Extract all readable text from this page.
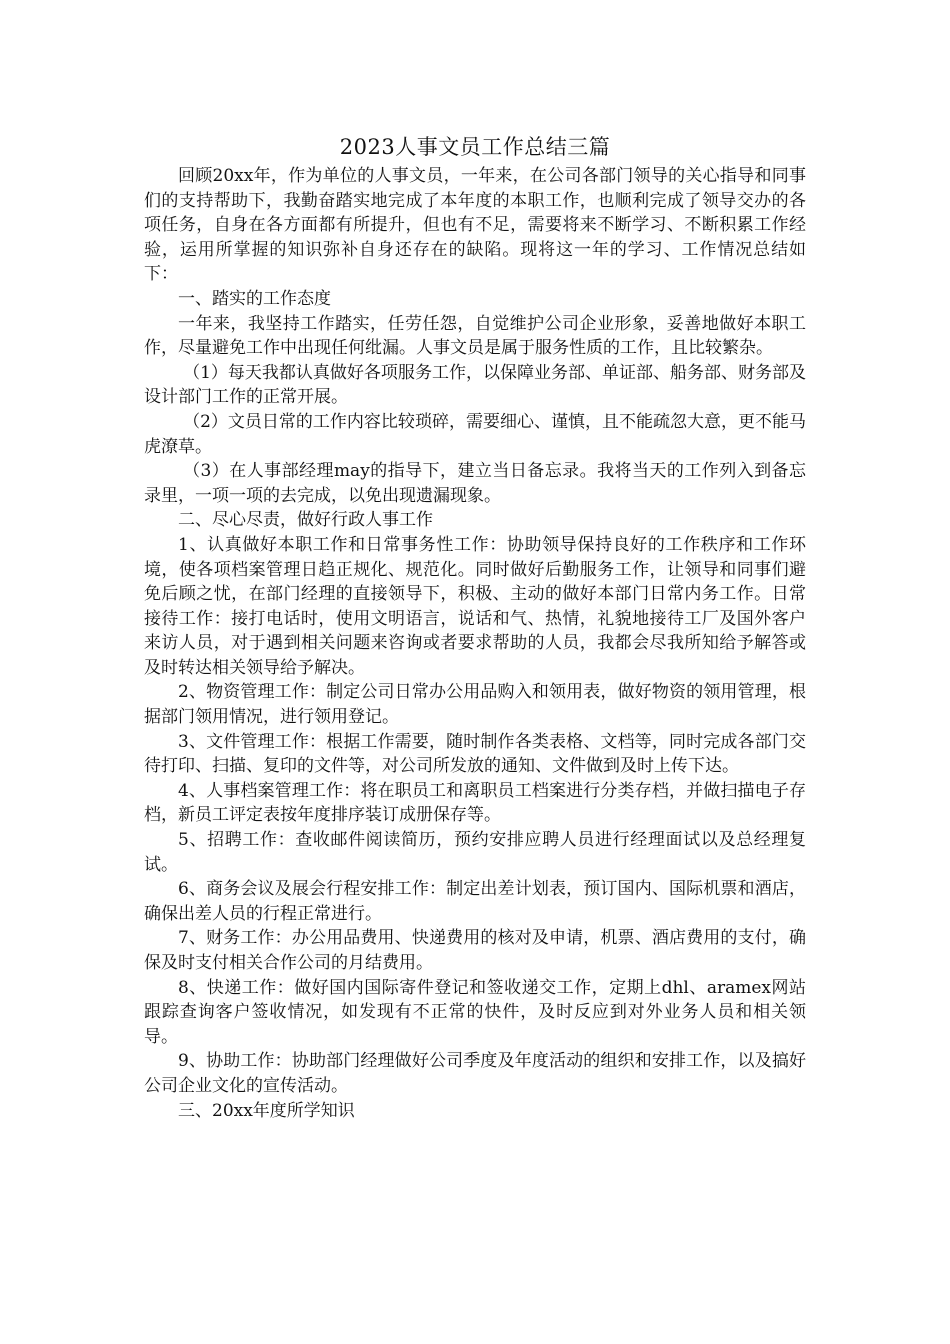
2023人事文员工作总结三篇

回顾20xx年，作为单位的人事文员，一年来，在公司各部门领导的关心指导和同事们的支持帮助下，我勤奋踏实地完成了本年度的本职工作，也顺利完成了领导交办的各项任务，自身在各方面都有所提升，但也有不足，需要将来不断学习、不断积累工作经验，运用所掌握的知识弥补自身还存在的缺陷。现将这一年的学习、工作情况总结如下：

一、踏实的工作态度

一年来，我坚持工作踏实，任劳任怨，自觉维护公司企业形象，妥善地做好本职工作，尽量避免工作中出现任何纰漏。人事文员是属于服务性质的工作，且比较繁杂。

（1）每天我都认真做好各项服务工作，以保障业务部、单证部、船务部、财务部及设计部门工作的正常开展。

（2）文员日常的工作内容比较琐碎，需要细心、谨慎，且不能疏忽大意，更不能马虎潦草。

（3）在人事部经理may的指导下，建立当日备忘录。我将当天的工作列入到备忘录里，一项一项的去完成，以免出现遗漏现象。

二、尽心尽责，做好行政人事工作

1、认真做好本职工作和日常事务性工作：协助领导保持良好的工作秩序和工作环境，使各项档案管理日趋正规化、规范化。同时做好后勤服务工作，让领导和同事们避免后顾之忧，在部门经理的直接领导下，积极、主动的做好本部门日常内务工作。日常接待工作：接打电话时，使用文明语言，说话和气、热情，礼貌地接待工厂及国外客户来访人员，对于遇到相关问题来咨询或者要求帮助的人员，我都会尽我所知给予解答或及时转达相关领导给予解决。

2、物资管理工作：制定公司日常办公用品购入和领用表，做好物资的领用管理，根据部门领用情况，进行领用登记。

3、文件管理工作：根据工作需要，随时制作各类表格、文档等，同时完成各部门交待打印、扫描、复印的文件等，对公司所发放的通知、文件做到及时上传下达。

4、人事档案管理工作：将在职员工和离职员工档案进行分类存档，并做扫描电子存档，新员工评定表按年度排序装订成册保存等。

5、招聘工作：查收邮件阅读简历，预约安排应聘人员进行经理面试以及总经理复试。

6、商务会议及展会行程安排工作：制定出差计划表，预订国内、国际机票和酒店，确保出差人员的行程正常进行。

7、财务工作：办公用品费用、快递费用的核对及申请，机票、酒店费用的支付，确保及时支付相关合作公司的月结费用。

8、快递工作：做好国内国际寄件登记和签收递交工作，定期上dhl、aramex网站跟踪查询客户签收情况，如发现有不正常的快件，及时反应到对外业务人员和相关领导。

9、协助工作：协助部门经理做好公司季度及年度活动的组织和安排工作，以及搞好公司企业文化的宣传活动。

三、20xx年度所学知识
